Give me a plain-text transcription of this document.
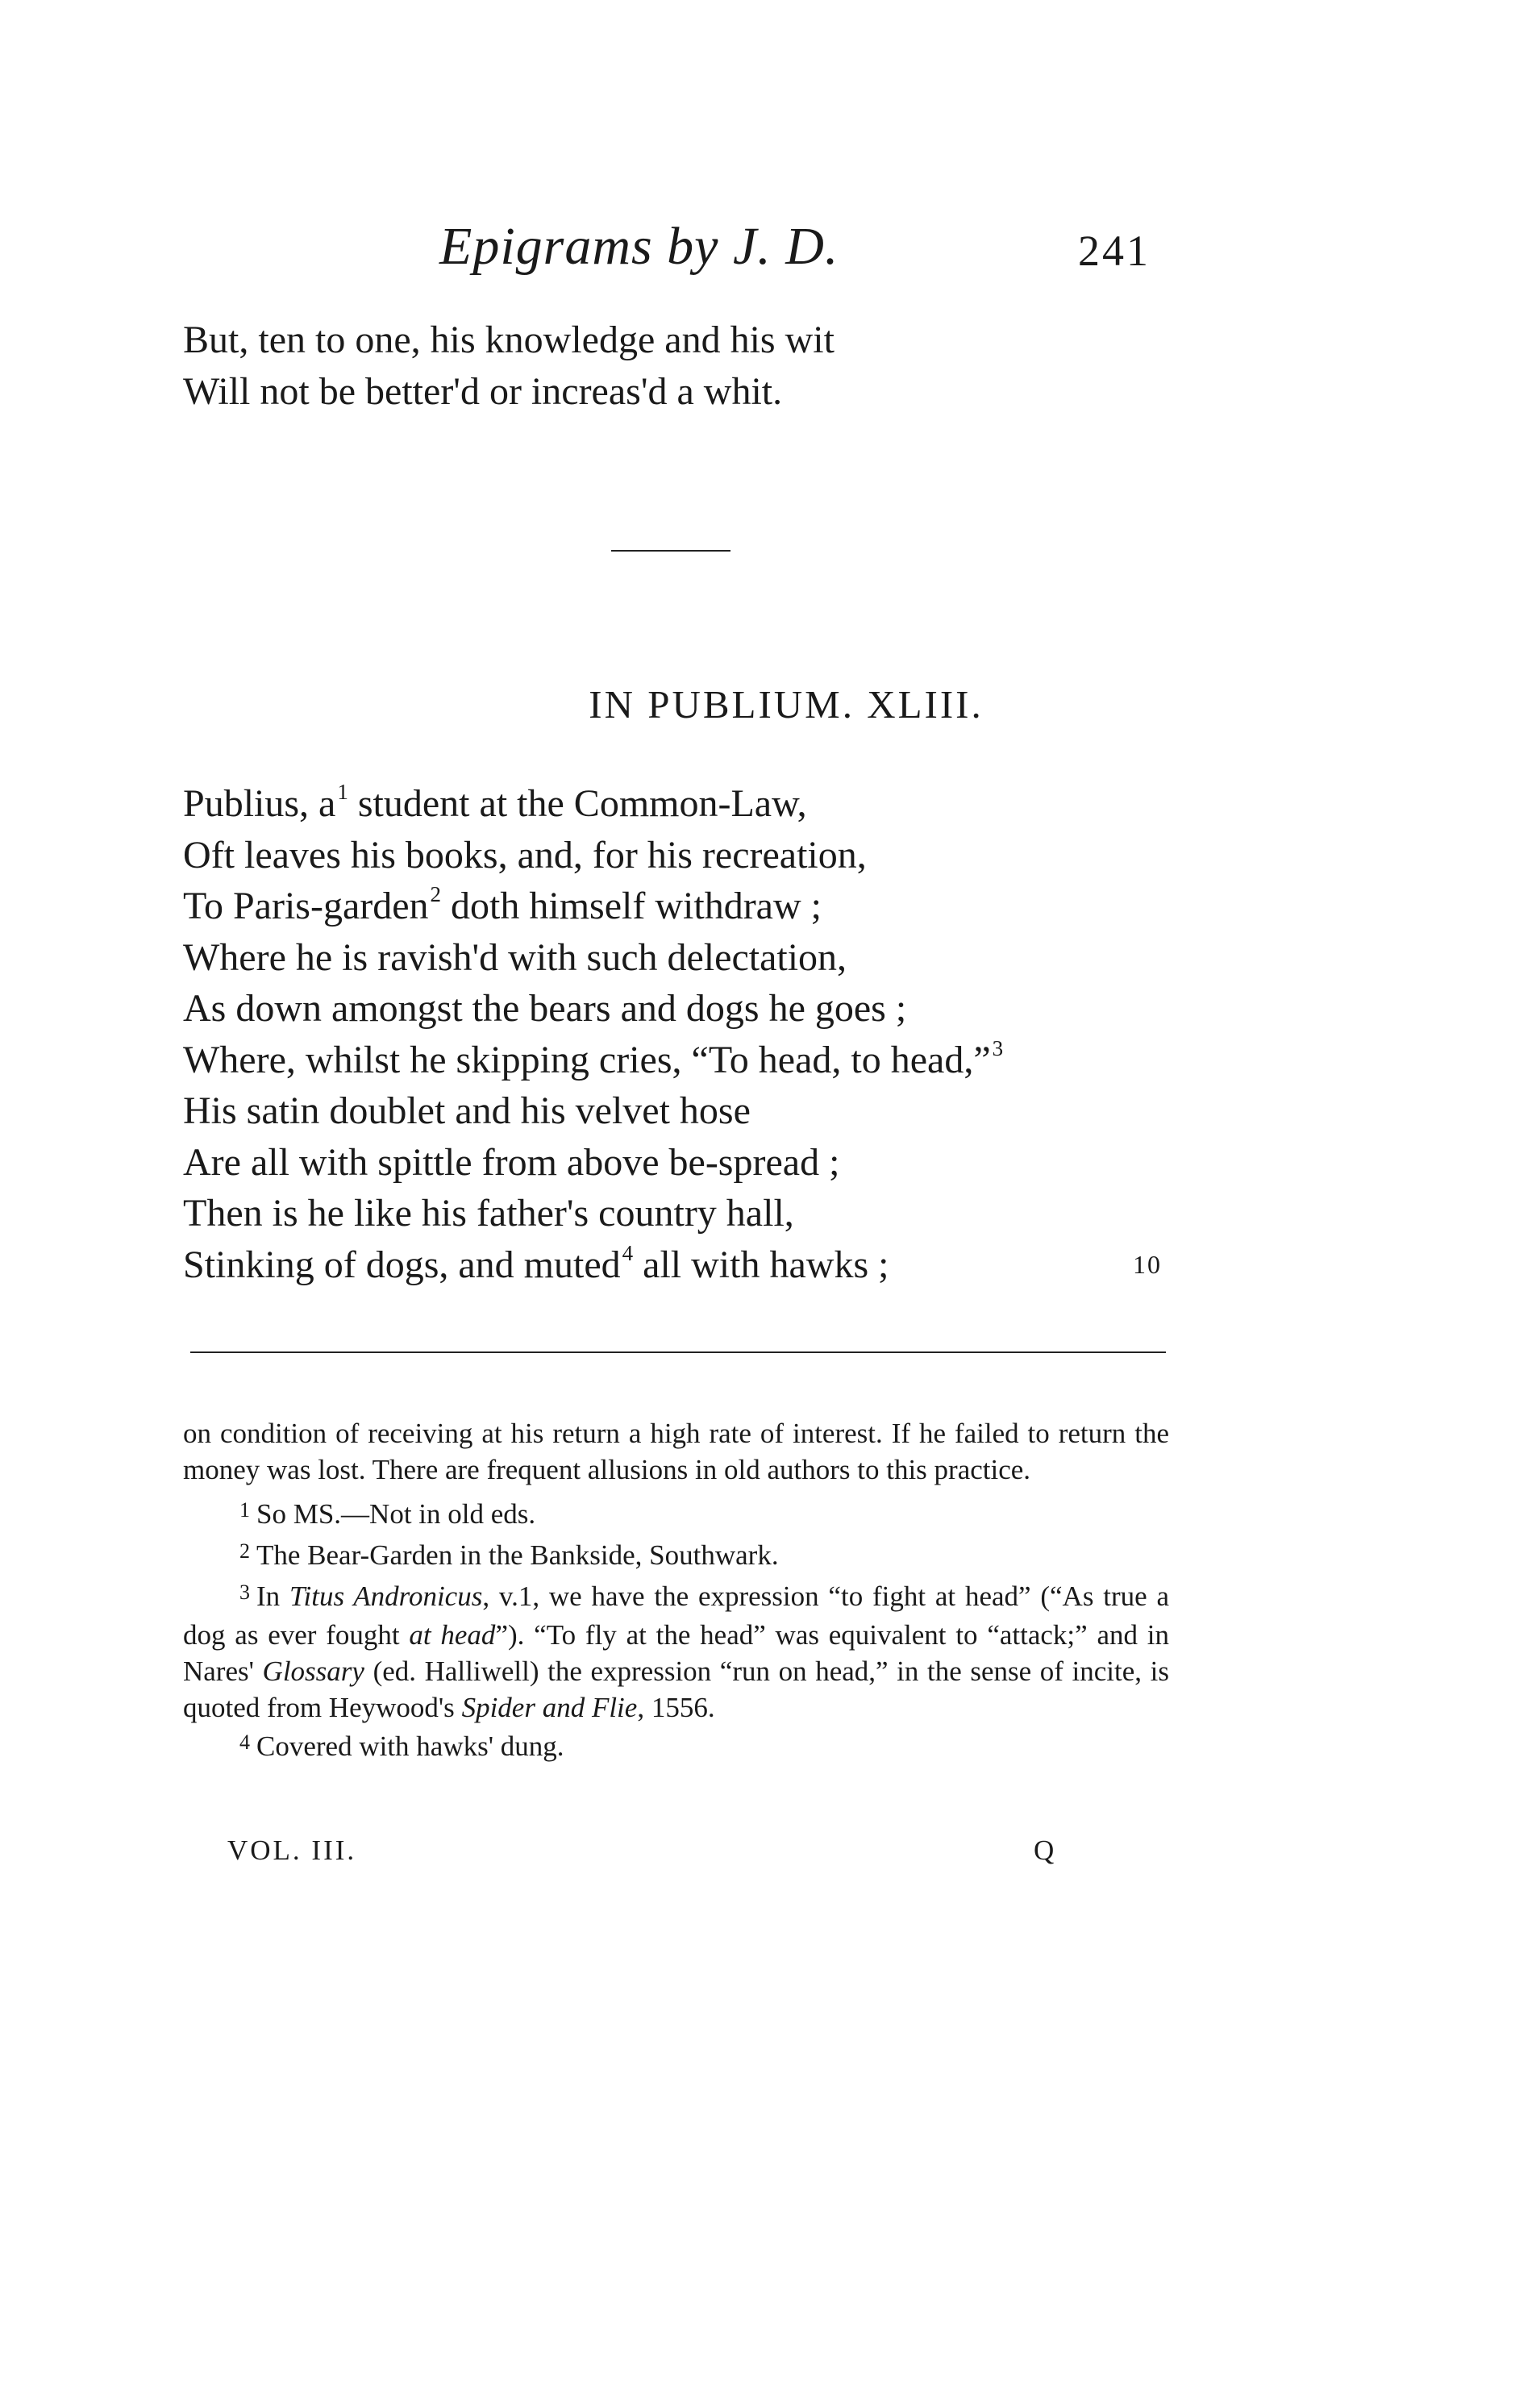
Epigrams by J. D.	241
But, ten to one, his knowledge and his wit
Will not be better'd or increas'd a whit.
IN PUBLIUM. XLIII.
Publius, $a^1$ student at the Common-Law,
Oft leaves his books, and, for his recreation,
To Paris-garden$^2$ doth himself withdraw ;
Where he is ravish'd with such delectation,
As down amongst the bears and dogs he goes ;
Where, whilst he skipping cries, “To head, to head,”$^3$
His satin doublet and his velvet hose
Are all with spittle from above be-spread ;
Then is he like his father's country hall,
Stinking of dogs, and muted$^4$ all with hawks ;	10
on condition of receiving at his return a high rate of interest. If he failed to return the money was lost. There are frequent allusions in old authors to this practice.
$^1$ So MS.—Not in old eds.
$^2$ The Bear-Garden in the Bankside, Southwark.
$^3$ In Titus Andronicus, v.1, we have the expression “to fight at head” (“As true a dog as ever fought at head”). “To fly at the head” was equivalent to “attack;” and in Nares' Glossary (ed. Halliwell) the expression “run on head,” in the sense of incite, is quoted from Heywood's Spider and Flie, 1556.
$^4$ Covered with hawks' dung.
VOL. III.	Q
